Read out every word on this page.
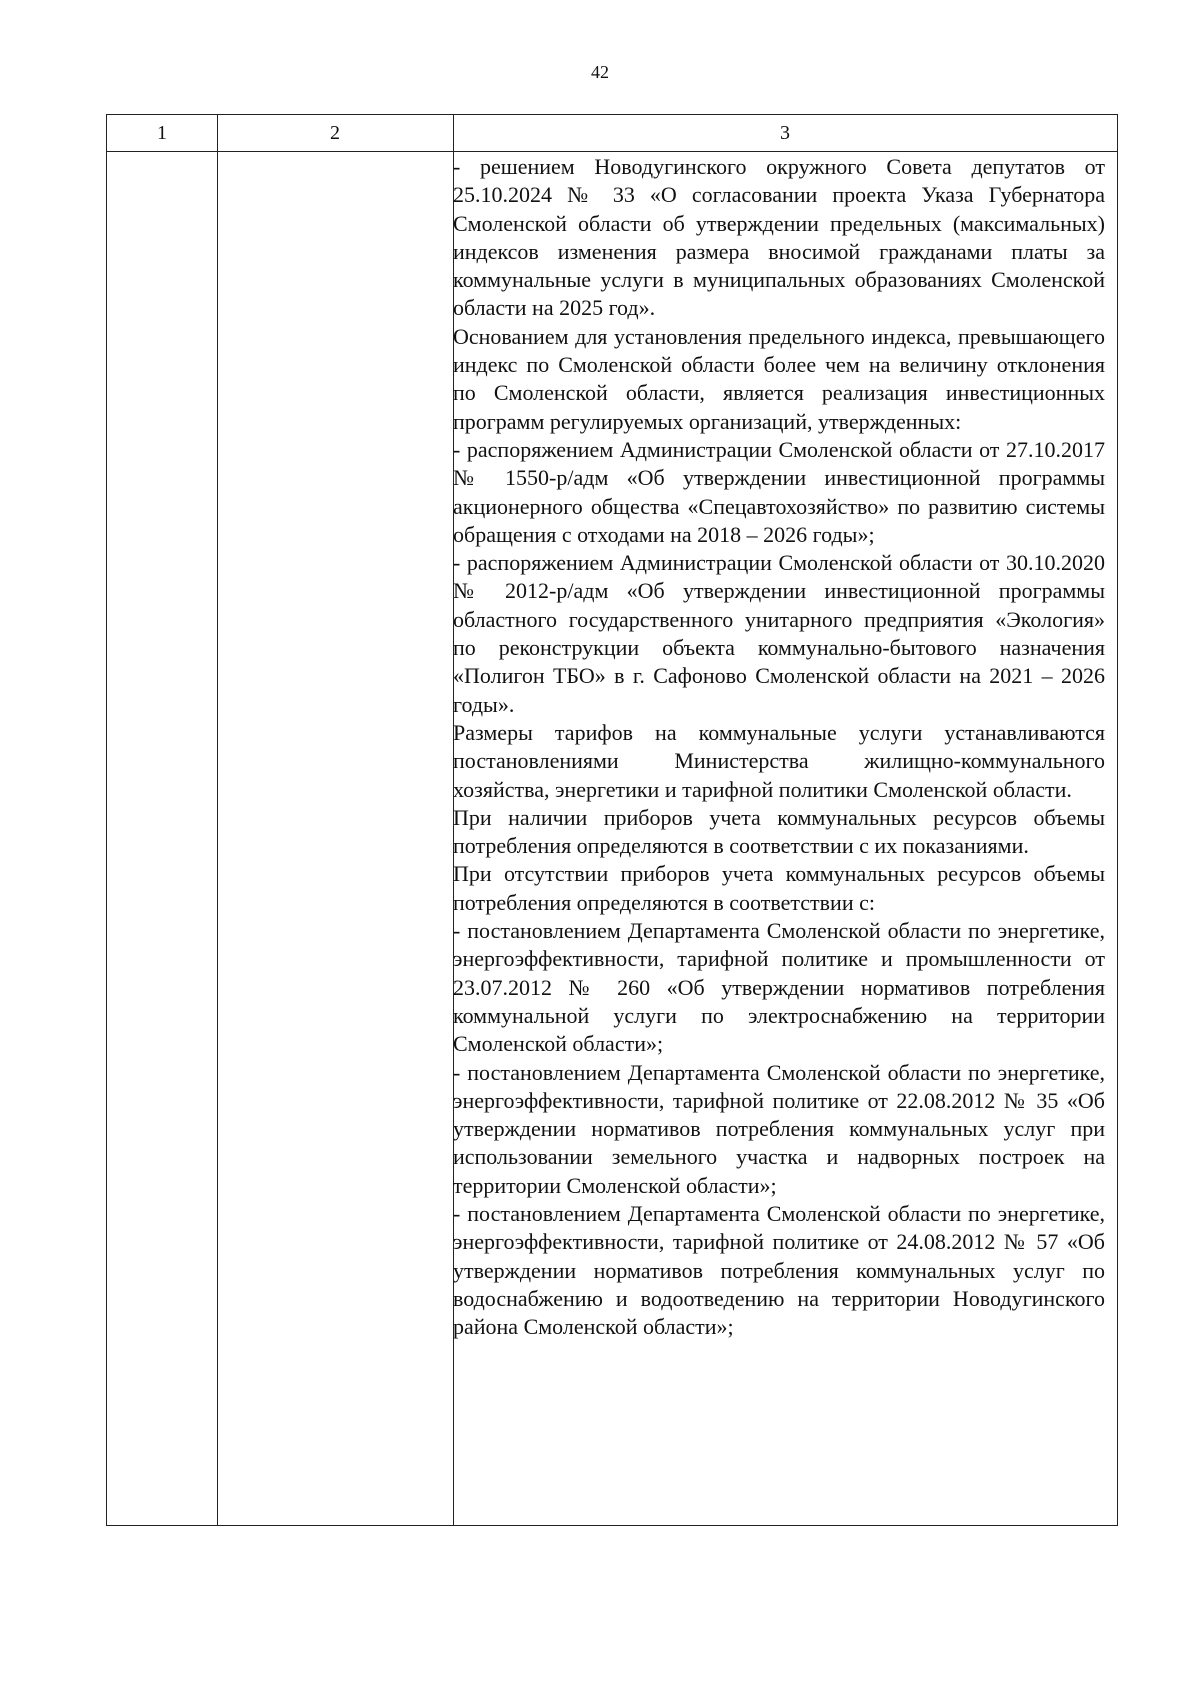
42
1	2	3

- решением Новодугинского окружного Совета депутатов от 25.10.2024 № 33 «О согласовании проекта Указа Губернатора Смоленской области об утверждении предельных (максимальных) индексов изменения размера вносимой гражданами платы за коммунальные услуги в муниципальных образованиях Смоленской области на 2025 год».

Основанием для установления предельного индекса, превышающего индекс по Смоленской области более чем на величину отклонения по Смоленской области, является реализация инвестиционных программ регулируемых организаций, утвержденных:

- распоряжением Администрации Смоленской области от 27.10.2017 № 1550-р/адм «Об утверждении инвестиционной программы акционерного общества «Спецавтохозяйство» по развитию системы обращения с отходами на 2018 – 2026 годы»;

- распоряжением Администрации Смоленской области от 30.10.2020 № 2012-р/адм «Об утверждении инвестиционной программы областного государственного унитарного предприятия «Экология» по реконструкции объекта коммунально-бытового назначения «Полигон ТБО» в г. Сафоново Смоленской области на 2021 – 2026 годы».

Размеры тарифов на коммунальные услуги устанавливаются постановлениями Министерства жилищно-коммунального хозяйства, энергетики и тарифной политики Смоленской области.

При наличии приборов учета коммунальных ресурсов объемы потребления определяются в соответствии с их показаниями.

При отсутствии приборов учета коммунальных ресурсов объемы потребления определяются в соответствии с:

- постановлением Департамента Смоленской области по энергетике, энергоэффективности, тарифной политике и промышленности от 23.07.2012 № 260 «Об утверждении нормативов потребления коммунальной услуги по электроснабжению на территории Смоленской области»;

- постановлением Департамента Смоленской области по энергетике, энергоэффективности, тарифной политике от 22.08.2012 № 35 «Об утверждении нормативов потребления коммунальных услуг при использовании земельного участка и надворных построек на территории Смоленской области»;

- постановлением Департамента Смоленской области по энергетике, энергоэффективности, тарифной политике от 24.08.2012 № 57 «Об утверждении нормативов потребления коммунальных услуг по водоснабжению и водоотведению на территории Новодугинского района Смоленской области»;
